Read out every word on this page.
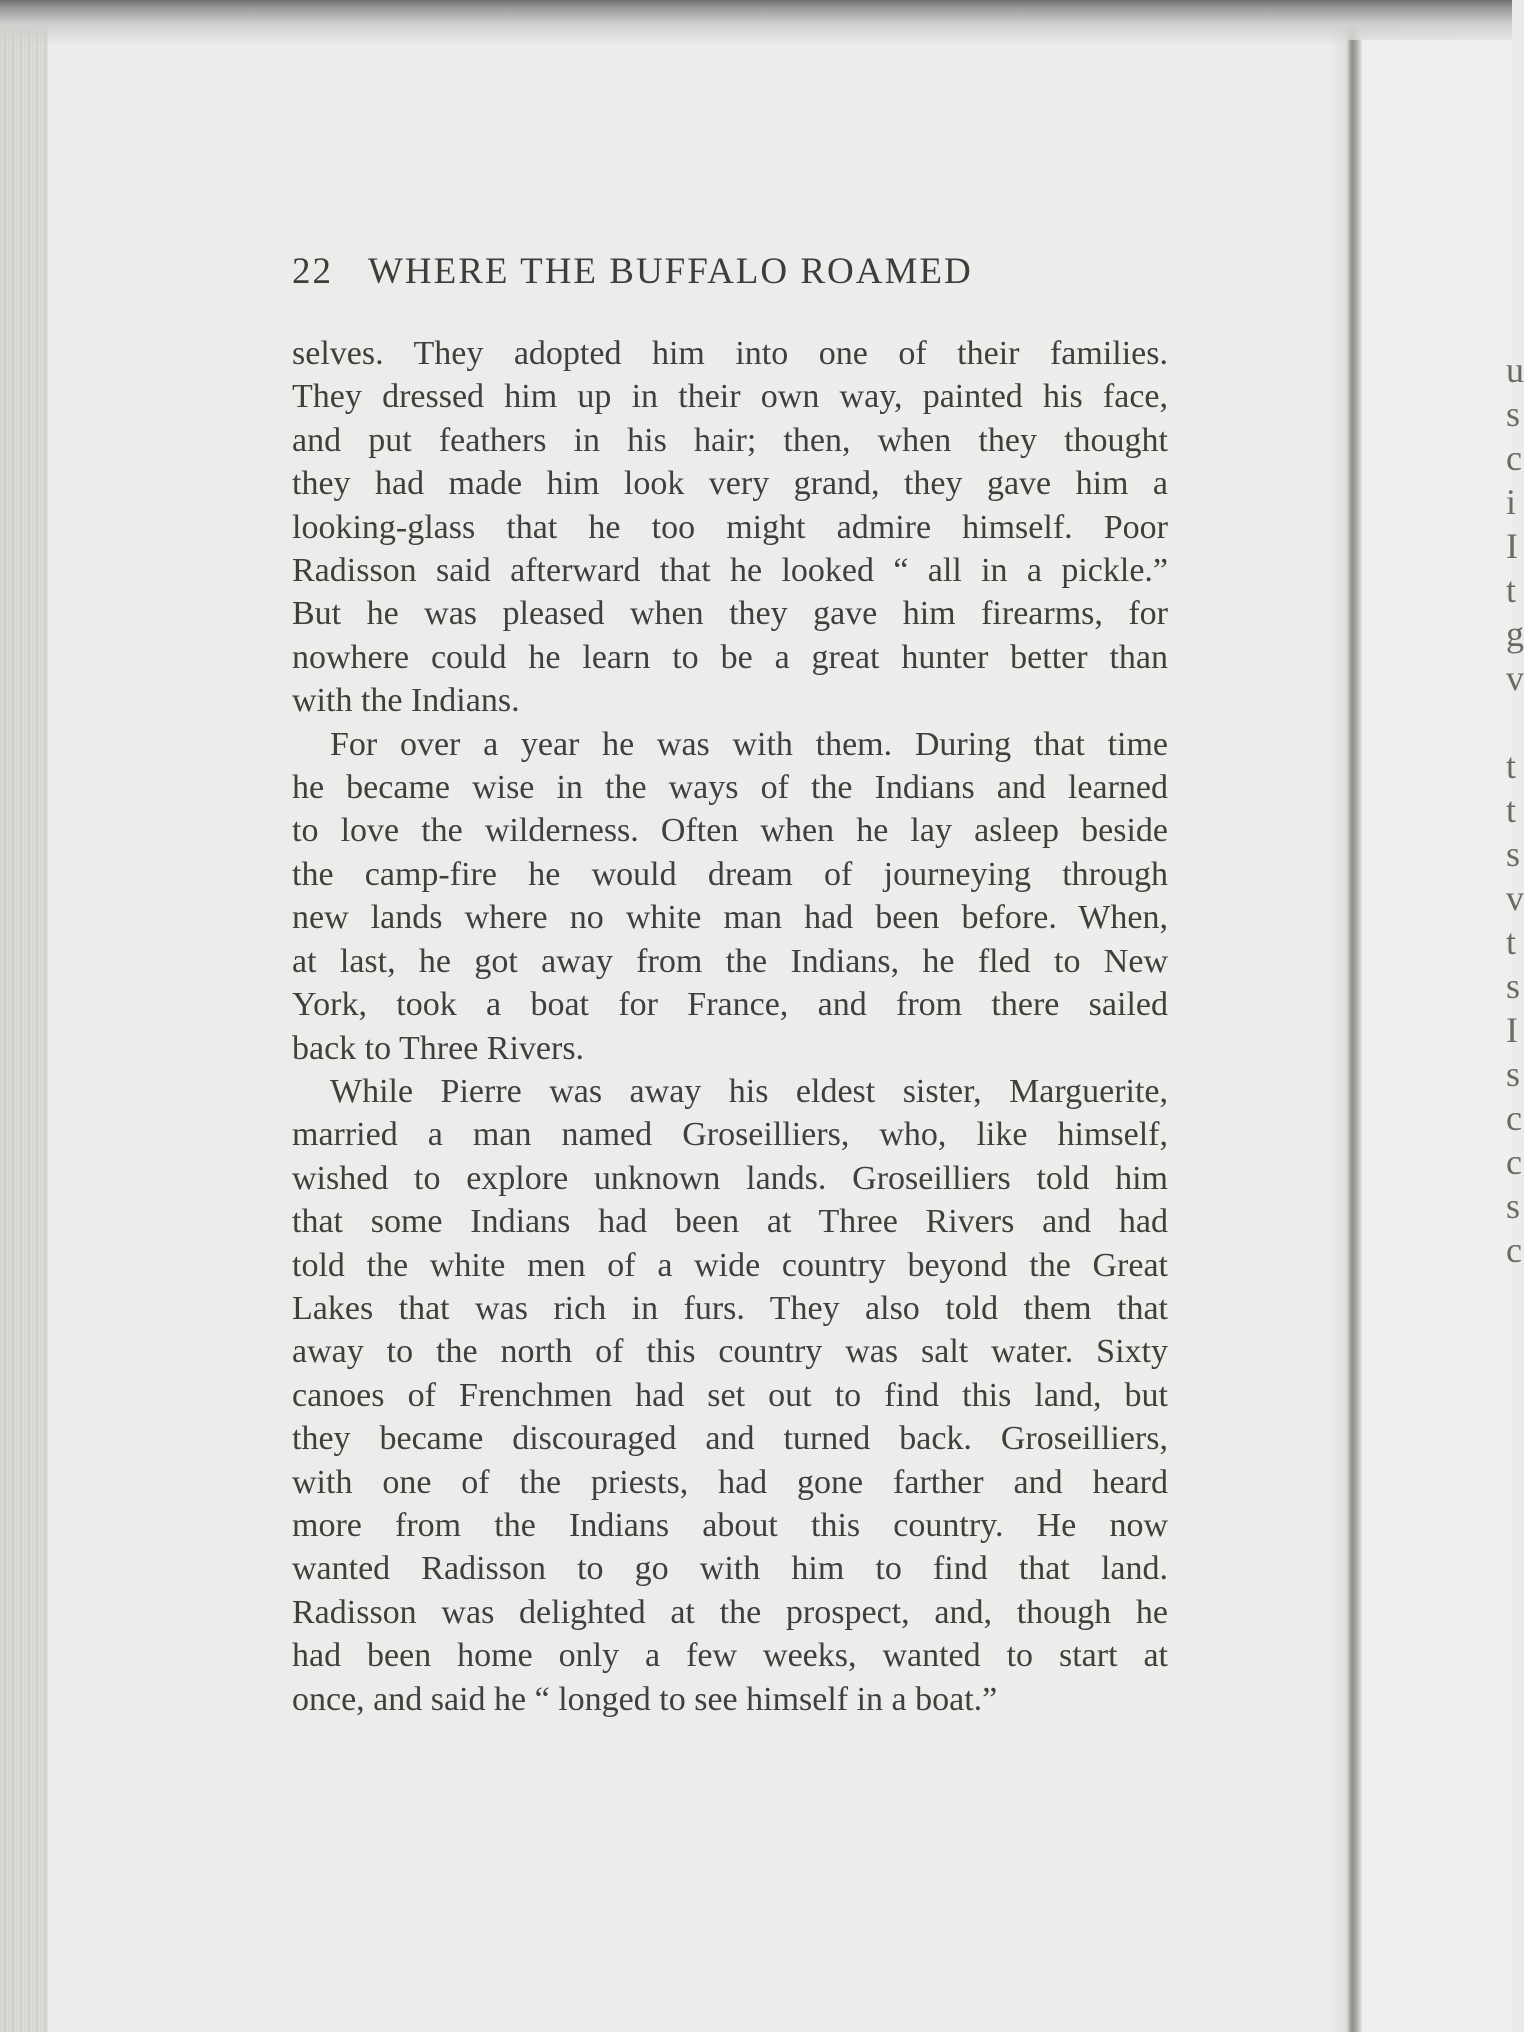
22 WHERE THE BUFFALO ROAMED
selves. They adopted him into one of their families.
They dressed him up in their own way, painted his face,
and put feathers in his hair; then, when they thought
they had made him look very grand, they gave him a
looking-glass that he too might admire himself. Poor
Radisson said afterward that he looked “ all in a pickle.”
But he was pleased when they gave him firearms, for
nowhere could he learn to be a great hunter better than
with the Indians.
For over a year he was with them. During that time
he became wise in the ways of the Indians and learned
to love the wilderness. Often when he lay asleep beside
the camp-fire he would dream of journeying through
new lands where no white man had been before. When,
at last, he got away from the Indians, he fled to New
York, took a boat for France, and from there sailed
back to Three Rivers.
While Pierre was away his eldest sister, Marguerite,
married a man named Groseilliers, who, like himself,
wished to explore unknown lands. Groseilliers told him
that some Indians had been at Three Rivers and had
told the white men of a wide country beyond the Great
Lakes that was rich in furs. They also told them that
away to the north of this country was salt water. Sixty
canoes of Frenchmen had set out to find this land, but
they became discouraged and turned back. Groseilliers,
with one of the priests, had gone farther and heard
more from the Indians about this country. He now
wanted Radisson to go with him to find that land.
Radisson was delighted at the prospect, and, though he
had been home only a few weeks, wanted to start at
once, and said he “ longed to see himself in a boat.”
u
s
c
i
I
t
g
v
t
t
s
v
t
s
I
s
c
c
s
c
